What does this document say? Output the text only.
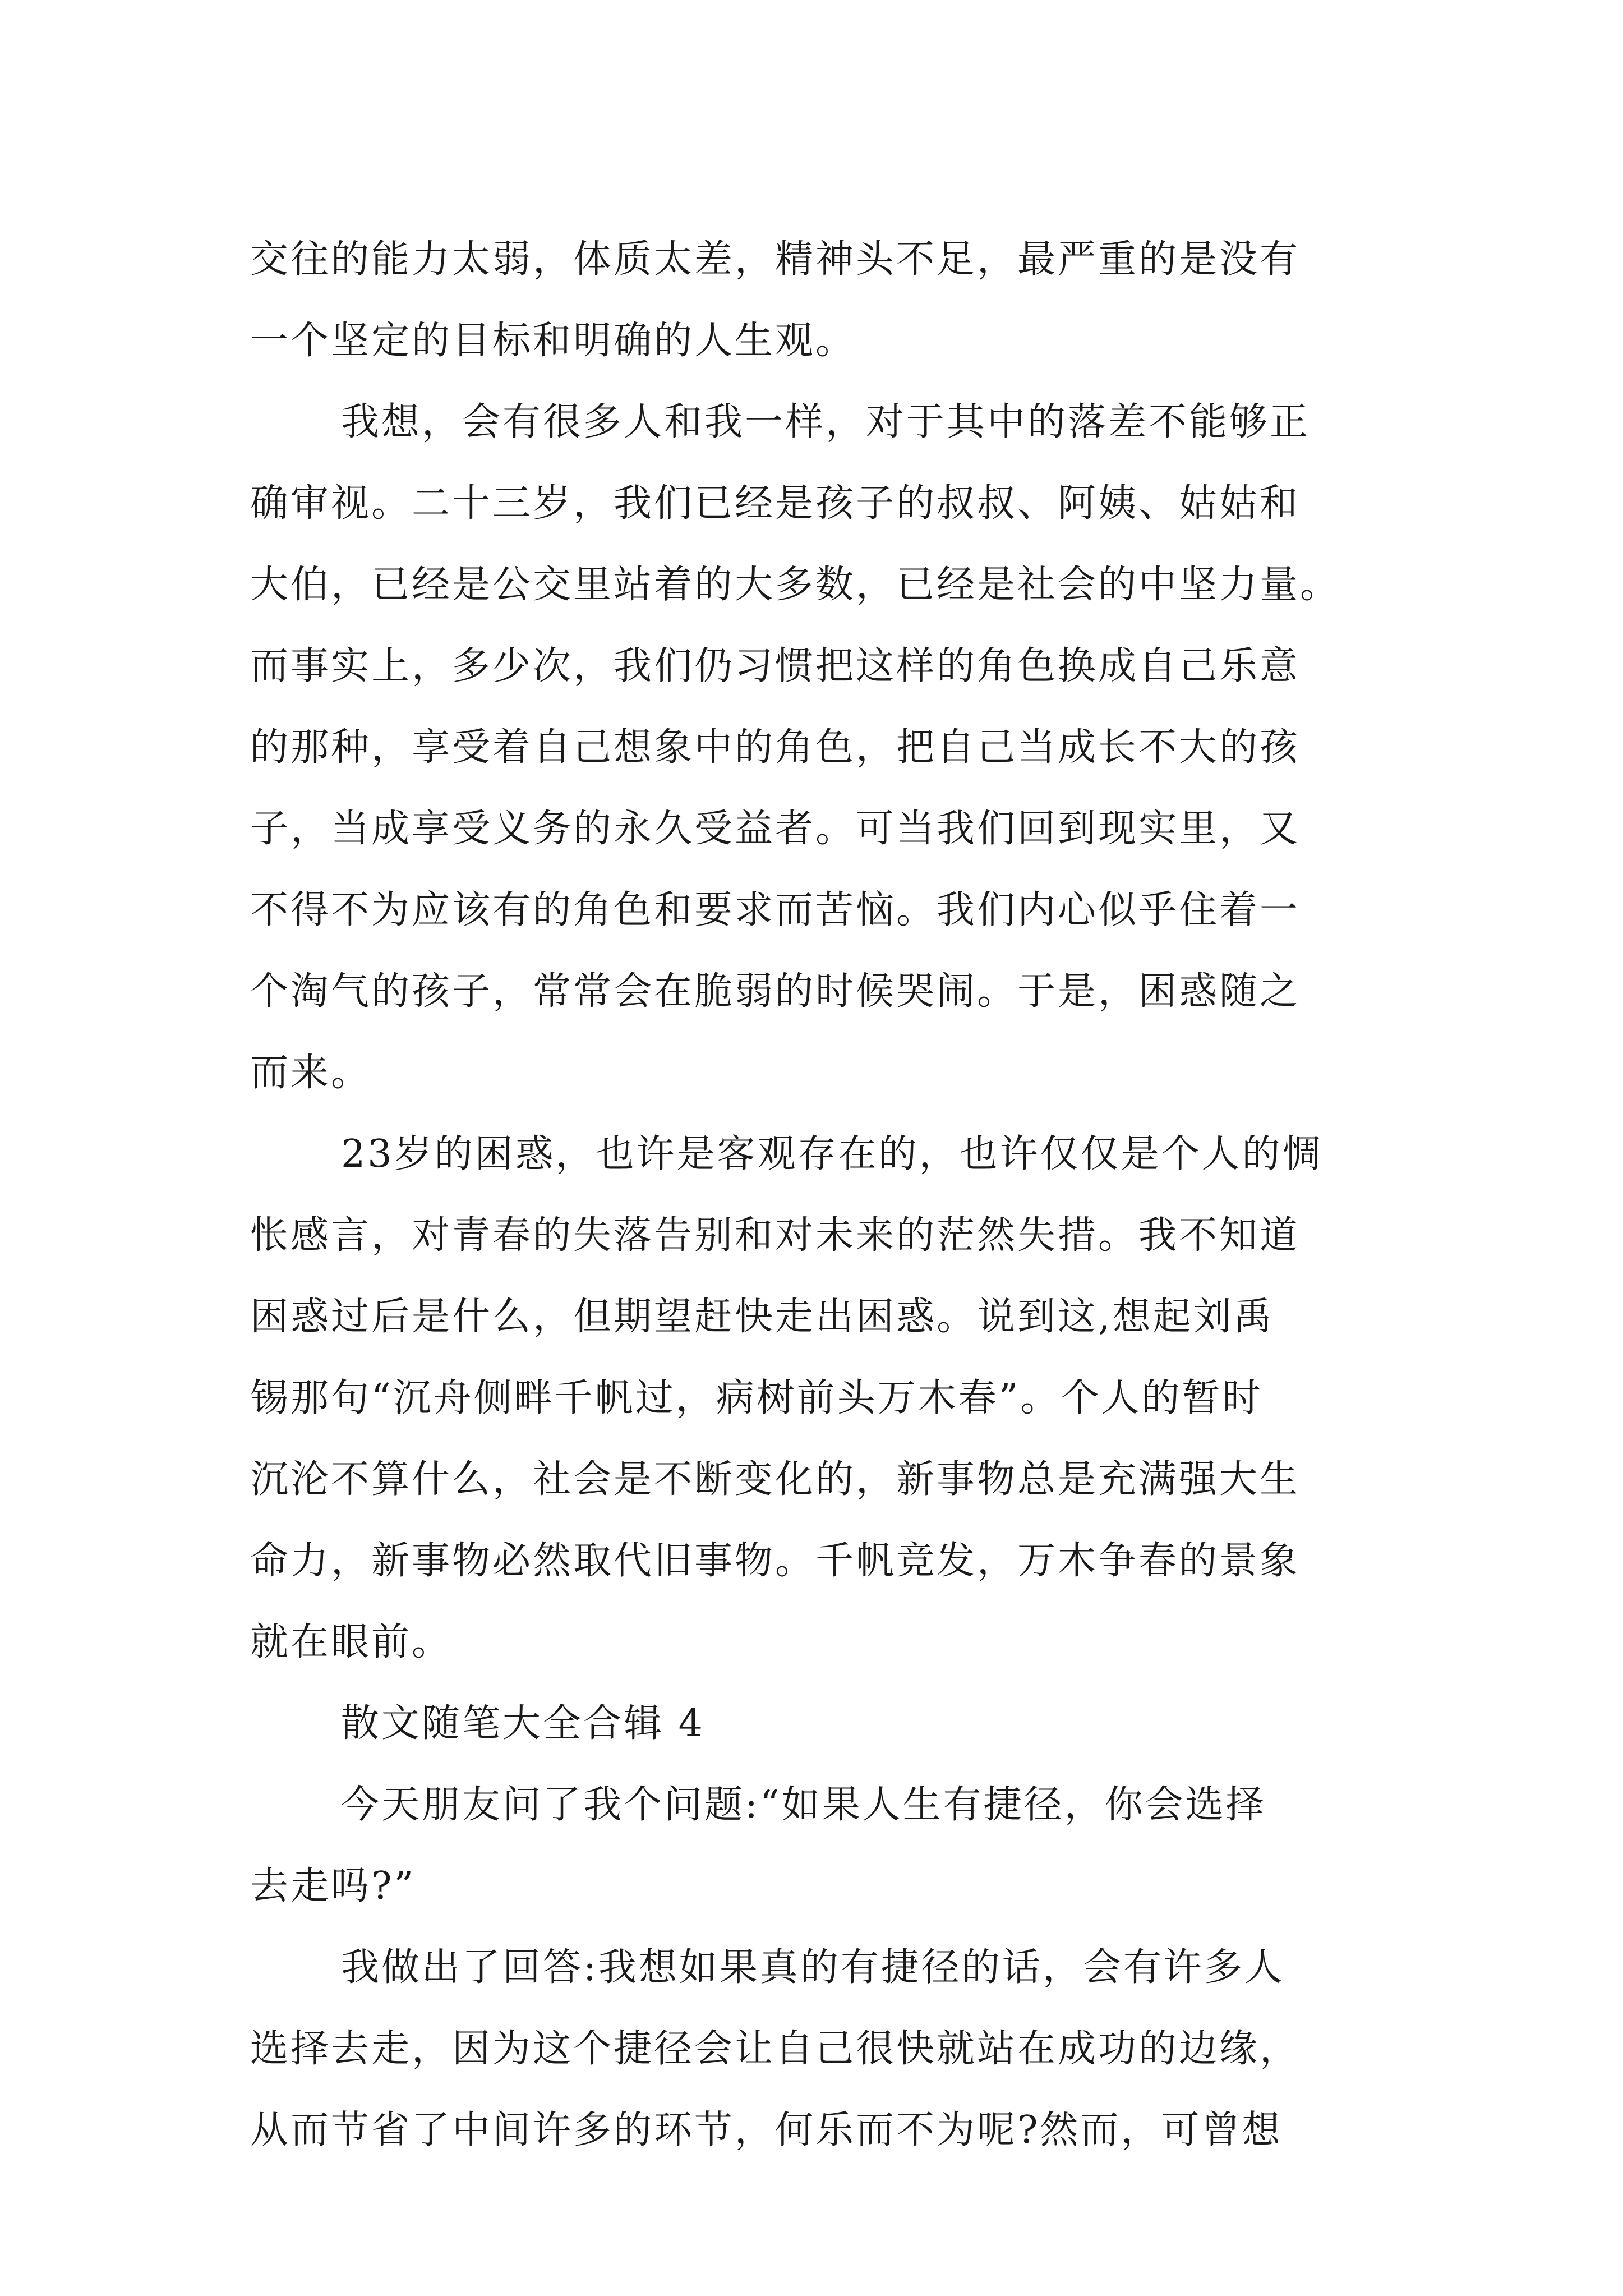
交往的能力太弱，体质太差，精神头不足，最严重的是没有
一个坚定的目标和明确的人生观。
我想，会有很多人和我一样，对于其中的落差不能够正
确审视。二十三岁，我们已经是孩子的叔叔、阿姨、姑姑和
大伯，已经是公交里站着的大多数，已经是社会的中坚力量。
而事实上，多少次，我们仍习惯把这样的角色换成自己乐意
的那种，享受着自己想象中的角色，把自己当成长不大的孩
子，当成享受义务的永久受益者。可当我们回到现实里，又
不得不为应该有的角色和要求而苦恼。我们内心似乎住着一
个淘气的孩子，常常会在脆弱的时候哭闹。于是，困惑随之
而来。
23岁的困惑，也许是客观存在的，也许仅仅是个人的惆
怅感言，对青春的失落告别和对未来的茫然失措。我不知道
困惑过后是什么，但期望赶快走出困惑。说到这,想起刘禹
锡那句“沉舟侧畔千帆过，病树前头万木春”。个人的暂时
沉沦不算什么，社会是不断变化的，新事物总是充满强大生
命力，新事物必然取代旧事物。千帆竞发，万木争春的景象
就在眼前。
散文随笔大全合辑 4
今天朋友问了我个问题:“如果人生有捷径，你会选择
去走吗?”
我做出了回答:我想如果真的有捷径的话，会有许多人
选择去走，因为这个捷径会让自己很快就站在成功的边缘，
从而节省了中间许多的环节，何乐而不为呢?然而，可曾想
